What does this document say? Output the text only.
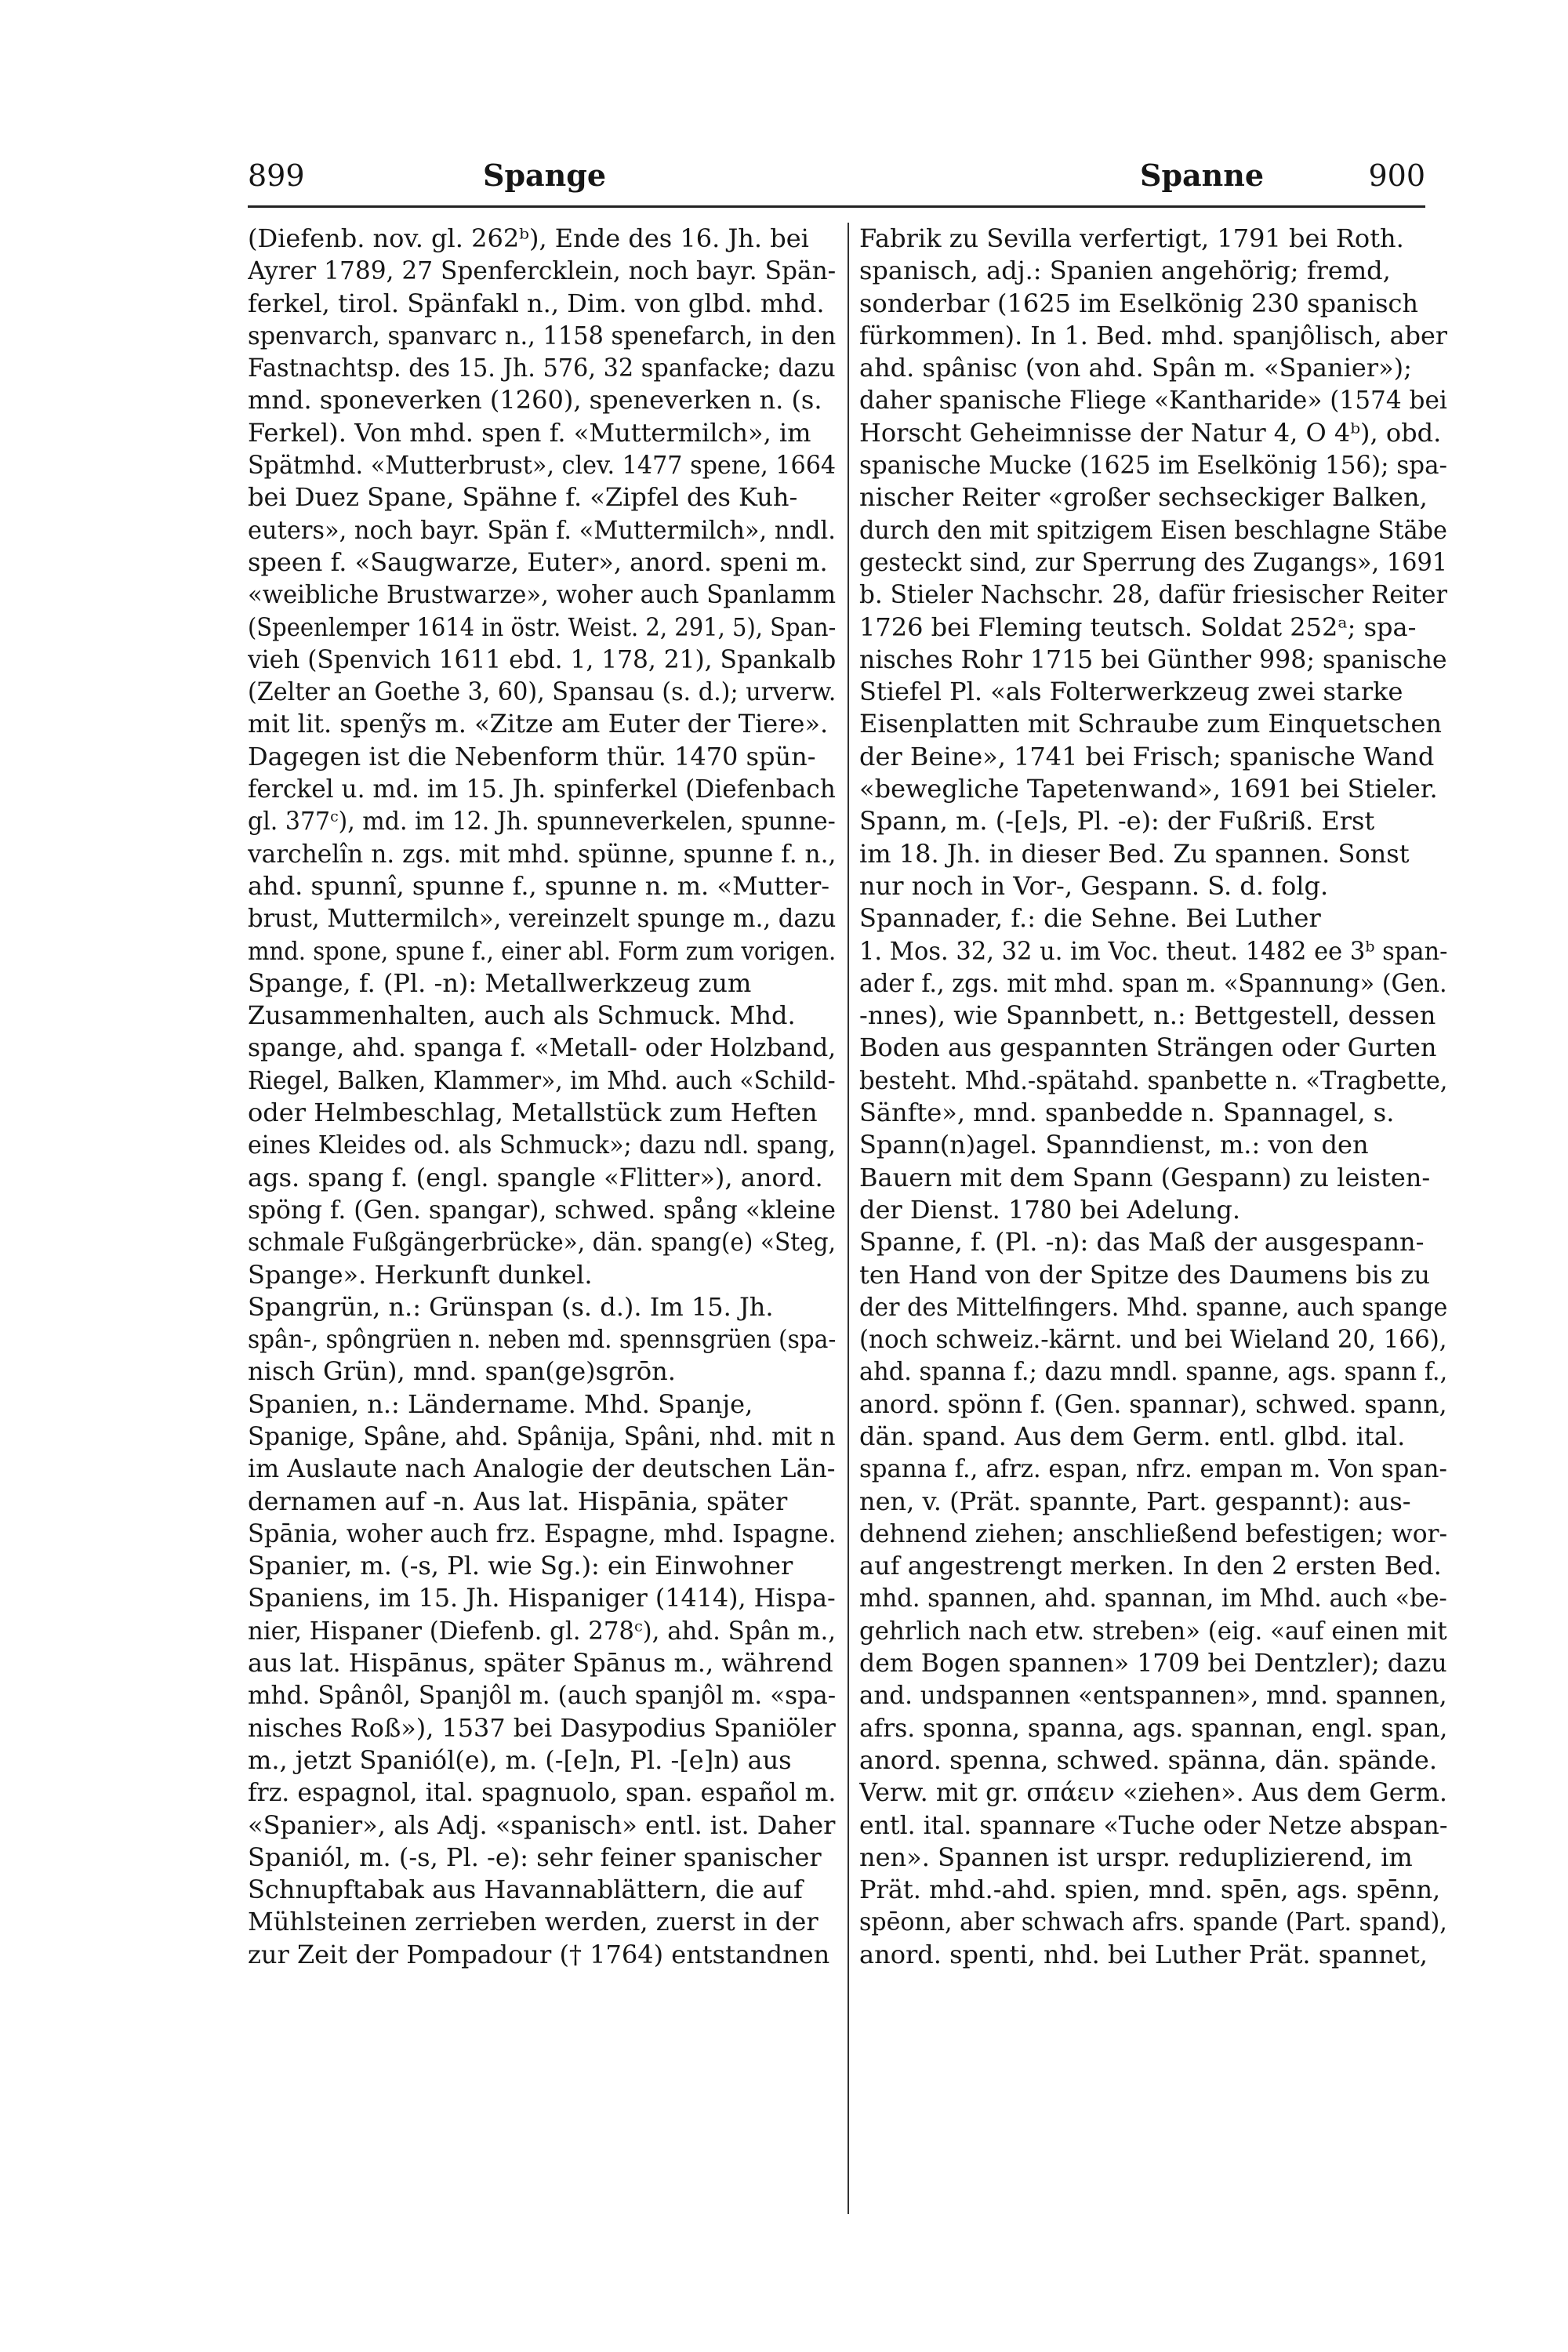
899	Spange	Spanne	900
(Diefenb. nov. gl. 262ᵇ), Ende des 16. Jh. bei
Ayrer 1789, 27 Spenfercklein, noch bayr. Spän-
ferkel, tirol. Spänfakl n., Dim. von glbd. mhd.
spenvarch, spanvarc n., 1158 spenefarch, in den
Fastnachtsp. des 15. Jh. 576, 32 spanfacke; dazu
mnd. sponeverken (1260), speneverken n. (s.
Ferkel). Von mhd. spen f. «Muttermilch», im
Spätmhd. «Mutterbrust», clev. 1477 spene, 1664
bei Duez Spane, Spähne f. «Zipfel des Kuh-
euters», noch bayr. Spän f. «Muttermilch», nndl.
speen f. «Saugwarze, Euter», anord. speni m.
«weibliche Brustwarze», woher auch Spanlamm
(Speenlemper 1614 in östr. Weist. 2, 291, 5), Span-
vieh (Spenvich 1611 ebd. 1, 178, 21), Spankalb
(Zelter an Goethe 3, 60), Spansau (s. d.); urverw.
mit lit. spenỹs m. «Zitze am Euter der Tiere».
Dagegen ist die Nebenform thür. 1470 spün-
ferckel u. md. im 15. Jh. spinferkel (Diefenbach
gl. 377ᶜ), md. im 12. Jh. spunneverkelen, spunne-
varchelîn n. zgs. mit mhd. spünne, spunne f. n.,
ahd. spunnî, spunne f., spunne n. m. «Mutter-
brust, Muttermilch», vereinzelt spunge m., dazu
mnd. spone, spune f., einer abl. Form zum vorigen.
Spange, f. (Pl. -n): Metallwerkzeug zum
Zusammenhalten, auch als Schmuck. Mhd.
spange, ahd. spanga f. «Metall- oder Holzband,
Riegel, Balken, Klammer», im Mhd. auch «Schild-
oder Helmbeschlag, Metallstück zum Heften
eines Kleides od. als Schmuck»; dazu ndl. spang,
ags. spang f. (engl. spangle «Flitter»), anord.
spöng f. (Gen. spangar), schwed. spång «kleine
schmale Fußgängerbrücke», dän. spang(e) «Steg,
Spange». Herkunft dunkel.
Spangrün, n.: Grünspan (s. d.). Im 15. Jh.
spân-, spôngrüen n. neben md. spennsgrüen (spa-
nisch Grün), mnd. span(ge)sgrōn.
Spanien, n.: Ländername. Mhd. Spanje,
Spanige, Spâne, ahd. Spânija, Spâni, nhd. mit n
im Auslaute nach Analogie der deutschen Län-
dernamen auf -n. Aus lat. Hispānia, später
Spānia, woher auch frz. Espagne, mhd. Ispagne.
Spanier, m. (-s, Pl. wie Sg.): ein Einwohner
Spaniens, im 15. Jh. Hispaniger (1414), Hispa-
nier, Hispaner (Diefenb. gl. 278ᶜ), ahd. Spân m.,
aus lat. Hispānus, später Spānus m., während
mhd. Spânôl, Spanjôl m. (auch spanjôl m. «spa-
nisches Roß»), 1537 bei Dasypodius Spaniöler
m., jetzt Spaniól(e), m. (-[e]n, Pl. -[e]n) aus
frz. espagnol, ital. spagnuolo, span. español m.
«Spanier», als Adj. «spanisch» entl. ist. Daher
Spaniól, m. (-s, Pl. -e): sehr feiner spanischer
Schnupftabak aus Havannablättern, die auf
Mühlsteinen zerrieben werden, zuerst in der
zur Zeit der Pompadour († 1764) entstandnen
Fabrik zu Sevilla verfertigt, 1791 bei Roth.
spanisch, adj.: Spanien angehörig; fremd,
sonderbar (1625 im Eselkönig 230 spanisch
fürkommen). In 1. Bed. mhd. spanjôlisch, aber
ahd. spânisc (von ahd. Spân m. «Spanier»);
daher spanische Fliege «Kantharide» (1574 bei
Horscht Geheimnisse der Natur 4, O 4ᵇ), obd.
spanische Mucke (1625 im Eselkönig 156); spa-
nischer Reiter «großer sechseckiger Balken,
durch den mit spitzigem Eisen beschlagne Stäbe
gesteckt sind, zur Sperrung des Zugangs», 1691
b. Stieler Nachschr. 28, dafür friesischer Reiter
1726 bei Fleming teutsch. Soldat 252ᵃ; spa-
nisches Rohr 1715 bei Günther 998; spanische
Stiefel Pl. «als Folterwerkzeug zwei starke
Eisenplatten mit Schraube zum Einquetschen
der Beine», 1741 bei Frisch; spanische Wand
«bewegliche Tapetenwand», 1691 bei Stieler.
Spann, m. (-[e]s, Pl. -e): der Fußriß. Erst
im 18. Jh. in dieser Bed. Zu spannen. Sonst
nur noch in Vor-, Gespann. S. d. folg.
Spannader, f.: die Sehne. Bei Luther
1. Mos. 32, 32 u. im Voc. theut. 1482 ee 3ᵇ span-
ader f., zgs. mit mhd. span m. «Spannung» (Gen.
-nnes), wie Spannbett, n.: Bettgestell, dessen
Boden aus gespannten Strängen oder Gurten
besteht. Mhd.-spätahd. spanbette n. «Tragbette,
Sänfte», mnd. spanbedde n. Spannagel, s.
Spann(n)agel. Spanndienst, m.: von den
Bauern mit dem Spann (Gespann) zu leisten-
der Dienst. 1780 bei Adelung.
Spanne, f. (Pl. -n): das Maß der ausgespann-
ten Hand von der Spitze des Daumens bis zu
der des Mittelfingers. Mhd. spanne, auch spange
(noch schweiz.-kärnt. und bei Wieland 20, 166),
ahd. spanna f.; dazu mndl. spanne, ags. spann f.,
anord. spönn f. (Gen. spannar), schwed. spann,
dän. spand. Aus dem Germ. entl. glbd. ital.
spanna f., afrz. espan, nfrz. empan m. Von span-
nen, v. (Prät. spannte, Part. gespannt): aus-
dehnend ziehen; anschließend befestigen; wor-
auf angestrengt merken. In den 2 ersten Bed.
mhd. spannen, ahd. spannan, im Mhd. auch «be-
gehrlich nach etw. streben» (eig. «auf einen mit
dem Bogen spannen» 1709 bei Dentzler); dazu
and. undspannen «entspannen», mnd. spannen,
afrs. sponna, spanna, ags. spannan, engl. span,
anord. spenna, schwed. spänna, dän. spände.
Verw. mit gr. σπάειν «ziehen». Aus dem Germ.
entl. ital. spannare «Tuche oder Netze abspan-
nen». Spannen ist urspr. reduplizierend, im
Prät. mhd.-ahd. spien, mnd. spēn, ags. spēnn,
spēonn, aber schwach afrs. spande (Part. spand),
anord. spenti, nhd. bei Luther Prät. spannet,
